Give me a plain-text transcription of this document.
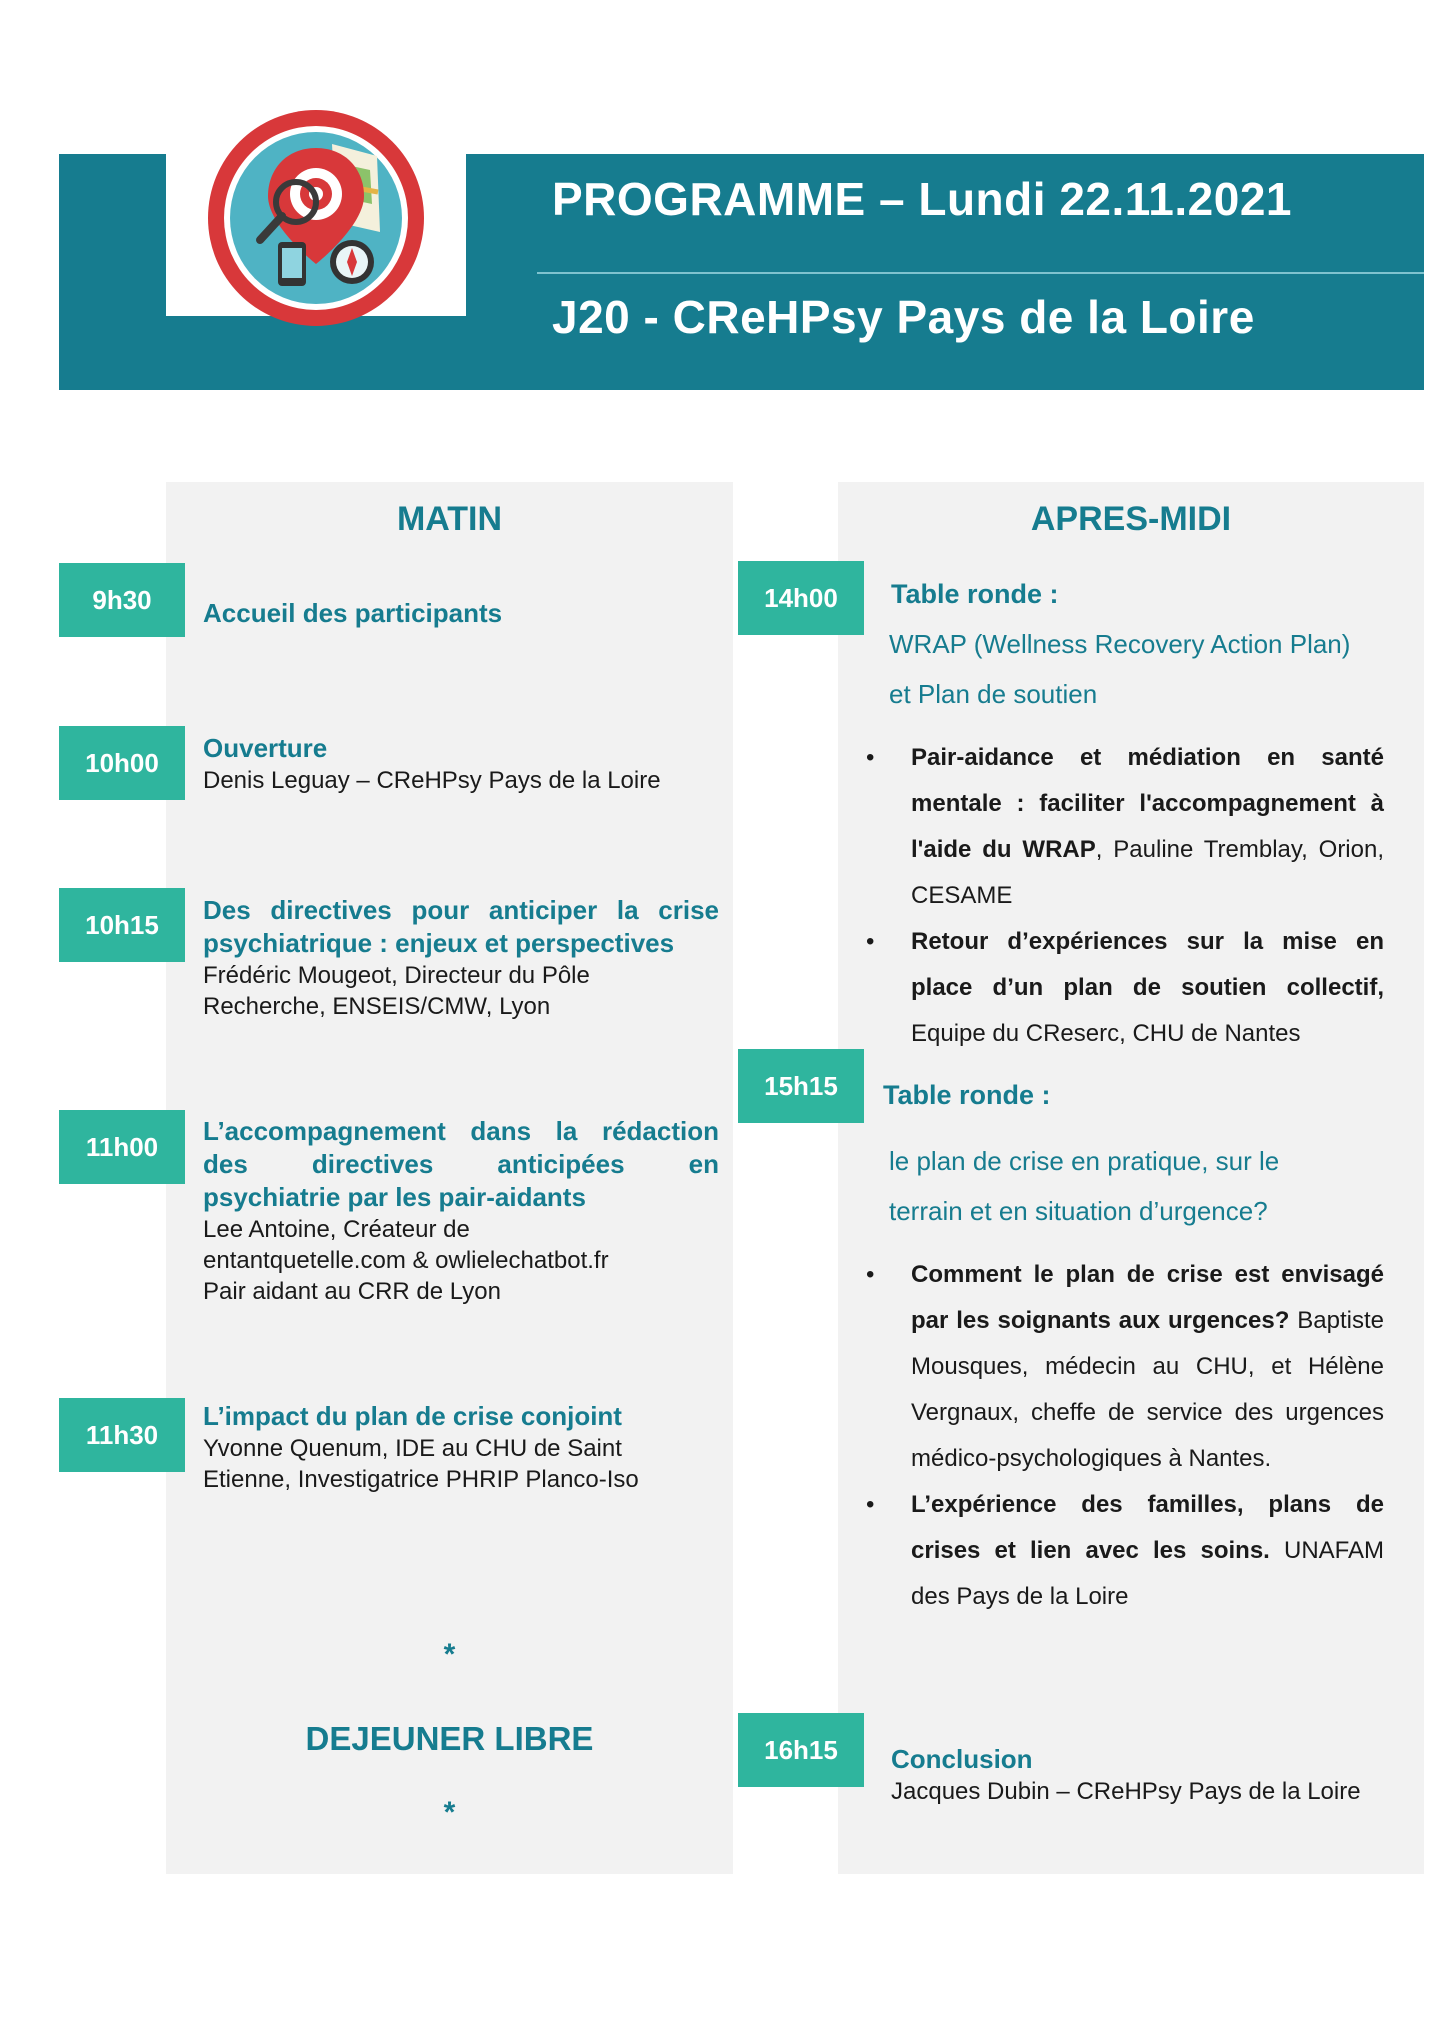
PROGRAMME – Lundi 22.11.2021
J20 - CReHPsy Pays de la Loire
MATIN	APRES-MIDI
9h30	Accueil des participants
10h00	Ouverture
Denis Leguay – CReHPsy Pays de la Loire
10h15	Des directives pour anticiper la crise
psychiatrique : enjeux et perspectives
Frédéric Mougeot, Directeur du Pôle
Recherche, ENSEIS/CMW, Lyon
11h00
L’accompagnement dans la rédaction
des directives anticipées en
psychiatrie par les pair-aidants
Lee Antoine, Créateur de
entantquetelle.com & owlielechatbot.fr
Pair aidant au CRR de Lyon
11h30
L’impact du plan de crise conjoint
Yvonne Quenum, IDE au CHU de Saint
Etienne, Investigatrice PHRIP Planco-Iso
*
DEJEUNER LIBRE
*
14h00	Table ronde :
WRAP (Wellness Recovery Action Plan)
et Plan de soutien
• Pair-aidance et médiation en santé mentale : faciliter l'accompagnement à l'aide du WRAP, Pauline Tremblay, Orion, CESAME
• Retour d’expériences sur la mise en place d’un plan de soutien collectif, Equipe du CReserc, CHU de Nantes
15h15	Table ronde :
le plan de crise en pratique, sur le
terrain et en situation d’urgence?
• Comment le plan de crise est envisagé par les soignants aux urgences? Baptiste Mousques, médecin au CHU, et Hélène Vergnaux, cheffe de service des urgences médico-psychologiques à Nantes.
• L’expérience des familles, plans de crises et lien avec les soins. UNAFAM des Pays de la Loire
16h15	Conclusion
Jacques Dubin – CReHPsy Pays de la Loire
